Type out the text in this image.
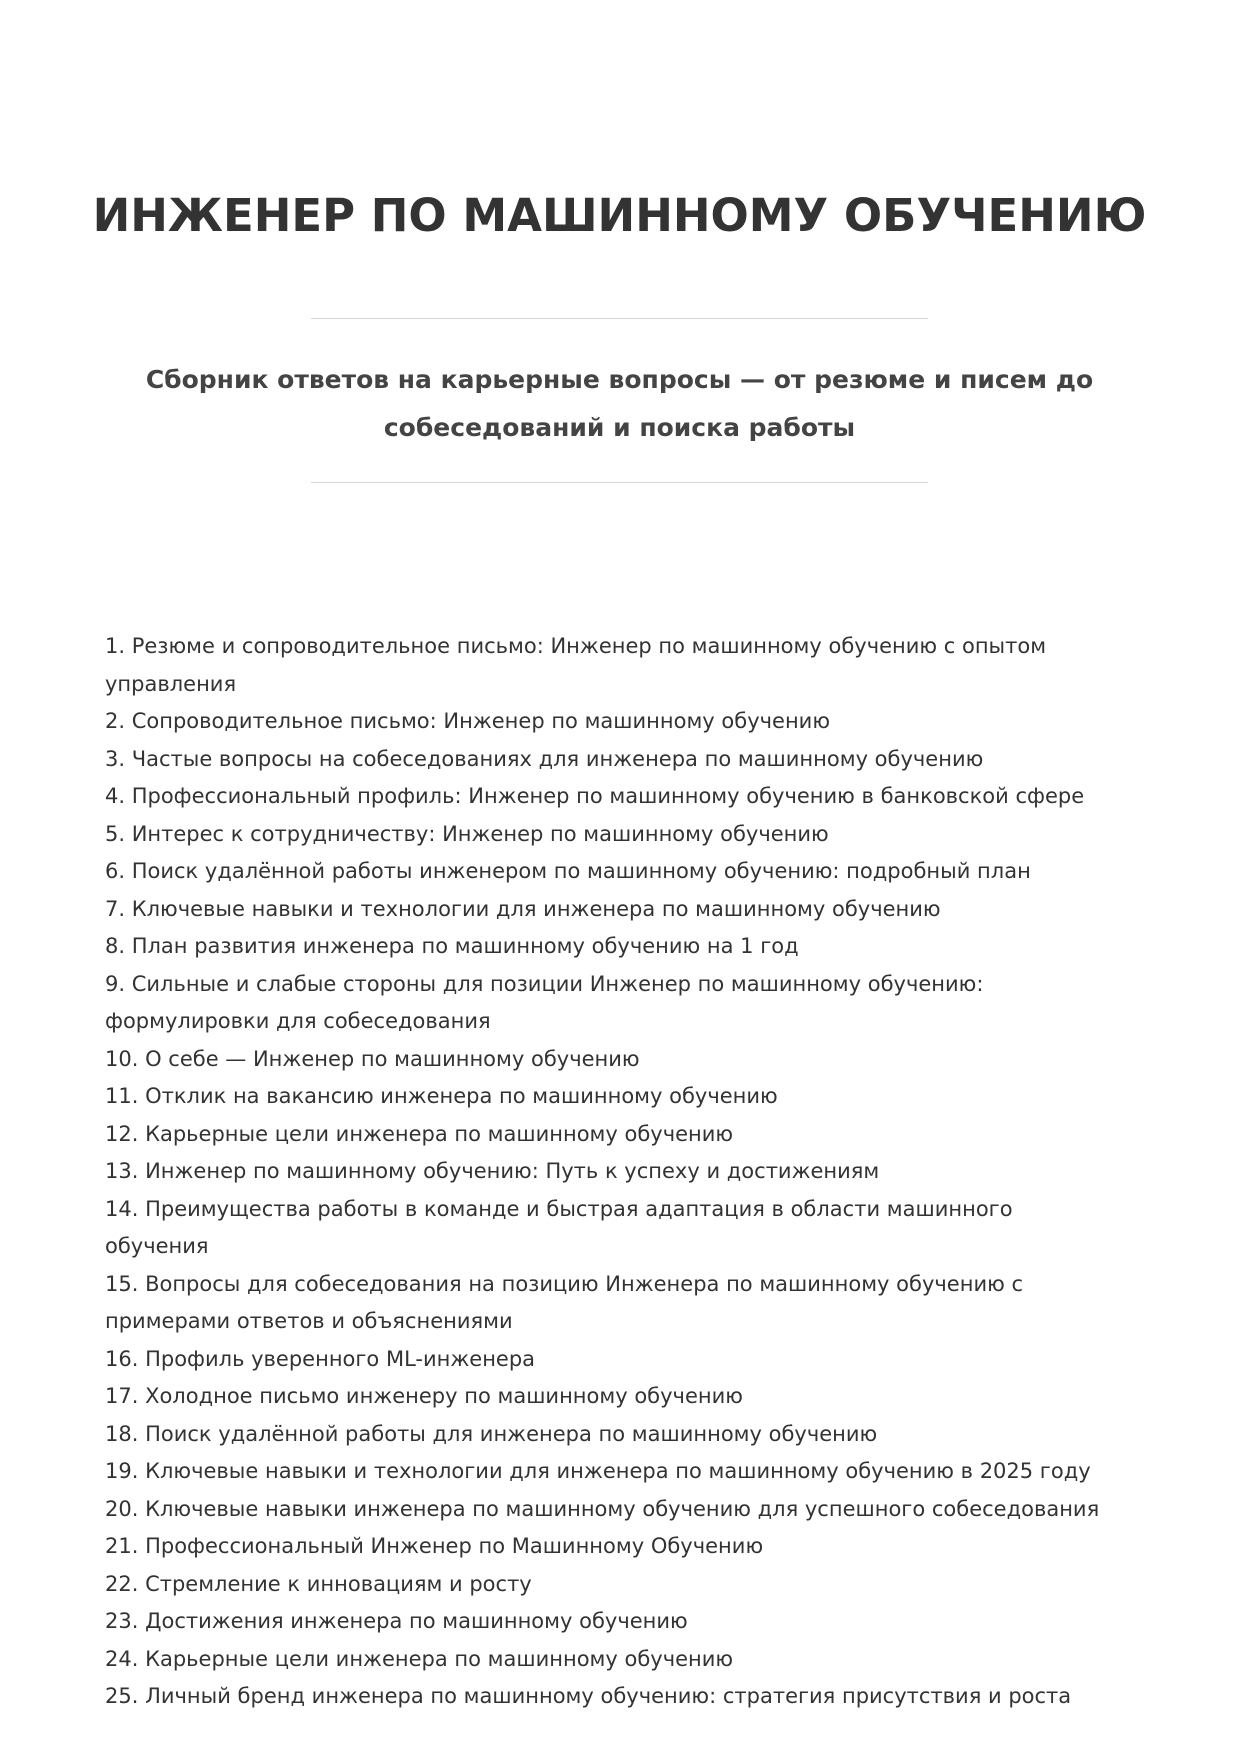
ИНЖЕНЕР ПО МАШИННОМУ ОБУЧЕНИЮ

Сборник ответов на карьерные вопросы — от резюме и писем до собеседований и поиска работы

1. Резюме и сопроводительное письмо: Инженер по машинному обучению с опытом управления
2. Сопроводительное письмо: Инженер по машинному обучению
3. Частые вопросы на собеседованиях для инженера по машинному обучению
4. Профессиональный профиль: Инженер по машинному обучению в банковской сфере
5. Интерес к сотрудничеству: Инженер по машинному обучению
6. Поиск удалённой работы инженером по машинному обучению: подробный план
7. Ключевые навыки и технологии для инженера по машинному обучению
8. План развития инженера по машинному обучению на 1 год
9. Сильные и слабые стороны для позиции Инженер по машинному обучению: формулировки для собеседования
10. О себе — Инженер по машинному обучению
11. Отклик на вакансию инженера по машинному обучению
12. Карьерные цели инженера по машинному обучению
13. Инженер по машинному обучению: Путь к успеху и достижениям
14. Преимущества работы в команде и быстрая адаптация в области машинного обучения
15. Вопросы для собеседования на позицию Инженера по машинному обучению с примерами ответов и объяснениями
16. Профиль уверенного ML-инженера
17. Холодное письмо инженеру по машинному обучению
18. Поиск удалённой работы для инженера по машинному обучению
19. Ключевые навыки и технологии для инженера по машинному обучению в 2025 году
20. Ключевые навыки инженера по машинному обучению для успешного собеседования
21. Профессиональный Инженер по Машинному Обучению
22. Стремление к инновациям и росту
23. Достижения инженера по машинному обучению
24. Карьерные цели инженера по машинному обучению
25. Личный бренд инженера по машинному обучению: стратегия присутствия и роста
